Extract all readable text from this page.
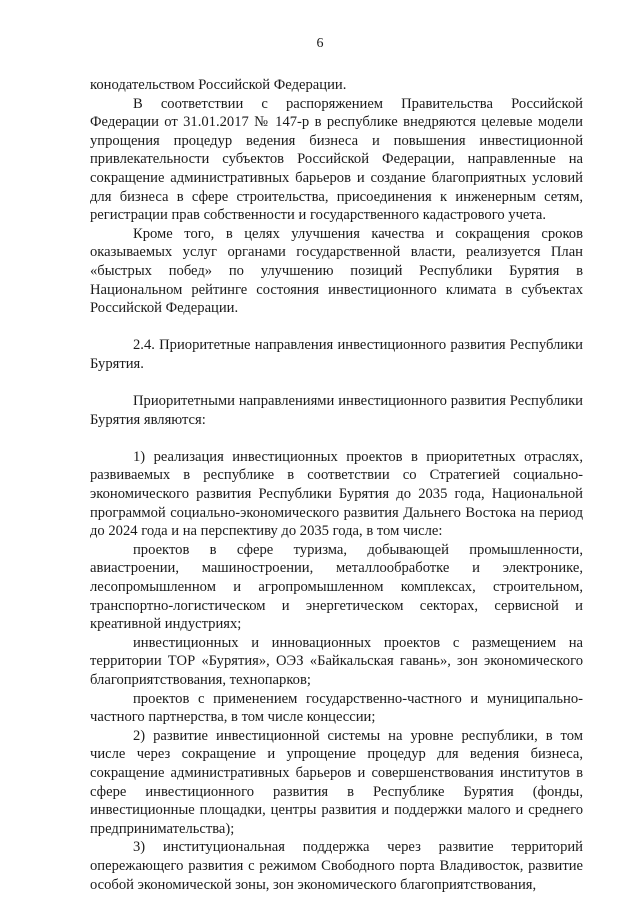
6

конодательством Российской Федерации.

В соответствии с распоряжением Правительства Российской Федерации от 31.01.2017 № 147-р в республике внедряются целевые модели упрощения процедур ведения бизнеса и повышения инвестиционной привлекательности субъектов Российской Федерации, направленные на сокращение административных барьеров и создание благоприятных условий для бизнеса в сфере строительства, присоединения к инженерным сетям, регистрации прав собственности и государственного кадастрового учета.

Кроме того, в целях улучшения качества и сокращения сроков оказываемых услуг органами государственной власти, реализуется План «быстрых побед» по улучшению позиций Республики Бурятия в Национальном рейтинге состояния инвестиционного климата в субъектах Российской Федерации.

2.4. Приоритетные направления инвестиционного развития Республики Бурятия.

Приоритетными направлениями инвестиционного развития Республики Бурятия являются:

1) реализация инвестиционных проектов в приоритетных отраслях, развиваемых в республике в соответствии со Стратегией социально-экономического развития Республики Бурятия до 2035 года, Национальной программой социально-экономического развития Дальнего Востока на период до 2024 года и на перспективу до 2035 года, в том числе:

проектов в сфере туризма, добывающей промышленности, авиастроении, машиностроении, металлообработке и электронике, лесопромышленном и агропромышленном комплексах, строительном, транспортно-логистическом и энергетическом секторах, сервисной и креативной индустриях;

инвестиционных и инновационных проектов с размещением на территории ТОР «Бурятия», ОЭЗ «Байкальская гавань», зон экономического благоприятствования, технопарков;

проектов с применением государственно-частного и муниципально-частного партнерства, в том числе концессии;

2) развитие инвестиционной системы на уровне республики, в том числе через сокращение и упрощение процедур для ведения бизнеса, сокращение административных барьеров и совершенствования институтов в сфере инвестиционного развития в Республике Бурятия (фонды, инвестиционные площадки, центры развития и поддержки малого и среднего предпринимательства);

3) институциональная поддержка через развитие территорий опережающего развития с режимом Свободного порта Владивосток, развитие особой экономической зоны, зон экономического благоприятствования,
